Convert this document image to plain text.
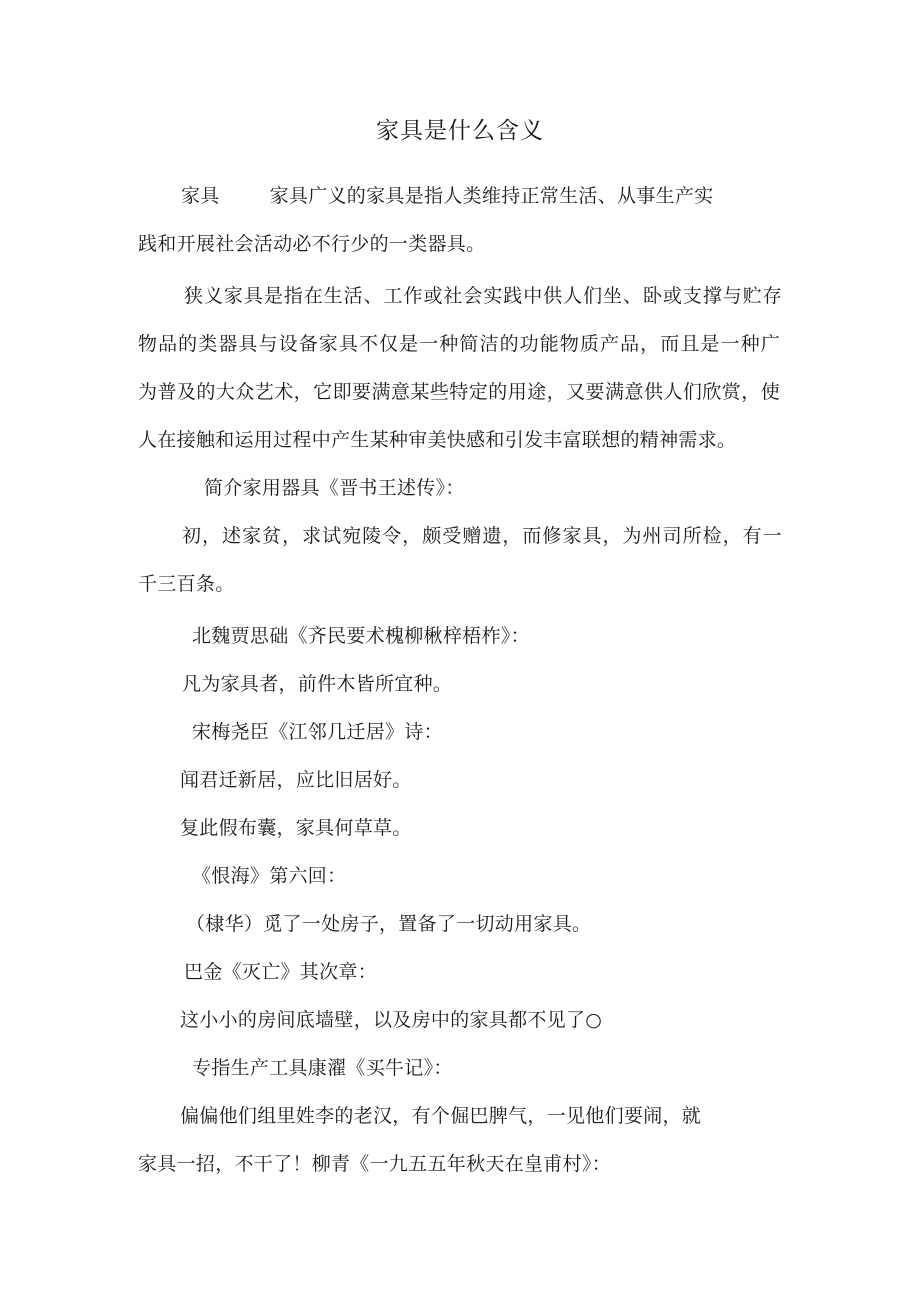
家具是什么含义
家具	家具广义的家具是指人类维持正常生活、从事生产实
践和开展社会活动必不行少的一类器具。
狭义家具是指在生活、工作或社会实践中供人们坐、卧或支撑与贮存
物品的类器具与设备家具不仅是一种简洁的功能物质产品，而且是一种广
为普及的大众艺术，它即要满意某些特定的用途，又要满意供人们欣赏，使
人在接触和运用过程中产生某种审美快感和引发丰富联想的精神需求。
简介家用器具《晋书王述传》：
初，述家贫，求试宛陵令，颇受赠遗，而修家具，为州司所检，有一
千三百条。
北魏贾思础《齐民要术槐柳楸梓梧柞》：
凡为家具者，前件木皆所宜种。
宋梅尧臣《江邻几迁居》诗：
闻君迁新居，应比旧居好。
复此假布囊，家具何草草。
《恨海》第六回：
（棣华）觅了一处房子，置备了一切动用家具。
巴金《灭亡》其次章：
这小小的房间底墙壁，以及房中的家具都不见了○
专指生产工具康濯《买牛记》：
偏偏他们组里姓李的老汉，有个倔巴脾气，一见他们要闹，就
家具一招，不干了！柳青《一九五五年秋天在皇甫村》：
